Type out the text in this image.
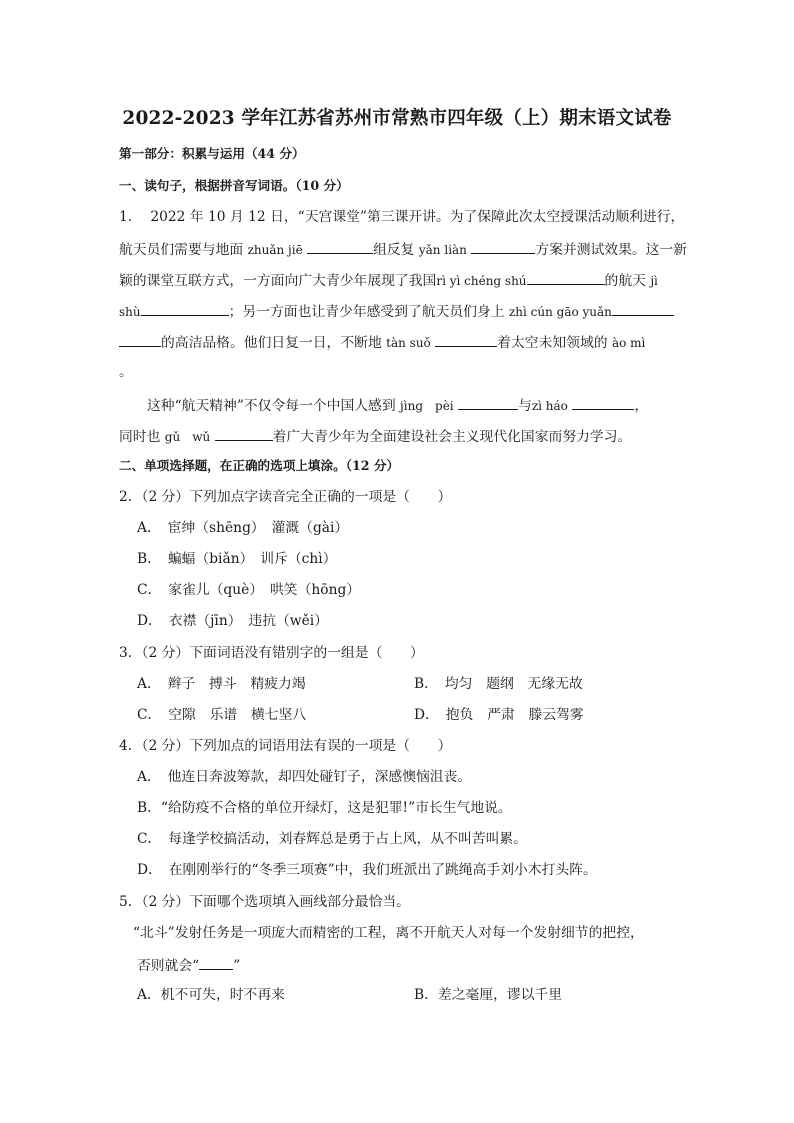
2022-2023 学年江苏省苏州市常熟市四年级（上）期末语文试卷
第一部分：积累与运用（44 分）
一、读句子，根据拼音写词语。（10 分）
1.　 2022 年 10 月 12 日，“天宫课堂”第三课开讲。为了保障此次太空授课活动顺利进行，
航天员们需要与地面 zhuǎn jiē	组反复 yǎn liàn	方案并测试效果。这一新
颖的课堂互联方式，一方面向广大青少年展现了我国rì yì chéng shú	的航天 jì
shù	；另一方面也让青少年感受到了航天员们身上 zhì cún gāo yuǎn
的高洁品格。他们日复一日，不断地 tàn suǒ	着太空未知领域的 ào mì
。
这种“航天精神”不仅令每一个中国人感到 jìng　pèi	与zì háo	，
同时也 gǔ　wǔ	着广大青少年为全面建设社会主义现代化国家而努力学习。
二、单项选择题，在正确的选项上填涂。（12 分）
2．（2 分）下列加点字读音完全正确的一项是（　　）
A．　宦绅（shēng）　灌溉（gài）
B．　蝙蝠（biǎn）　训斥（chì）
C．　家雀儿（què）　哄笑（hōng）
D．　衣襟（jīn）　违抗（wěi）
3．（2 分）下面词语没有错别字的一组是（　　）
A．　辫子　搏斗　精疲力竭	B．　均匀　题纲　无缘无故
C．　空隙　乐谱　横七坚八	D．　抱负　严肃　滕云驾雾
4．（2 分）下列加点的词语用法有误的一项是（　　）
A．　他连日奔波筹款，却四处碰钉子，深感懊恼沮丧。
B．“给防疫不合格的单位开绿灯，这是犯罪!”市长生气地说。
C．　每逢学校搞活动，刘春辉总是勇于占上风，从不叫苦叫累。
D．　在刚刚举行的“冬季三项赛”中，我们班派出了跳绳高手刘小木打头阵。
5．（2 分）下面哪个选项填入画线部分最恰当。
“北斗”发射任务是一项庞大而精密的工程，离不开航天人对每一个发射细节的把控，
否则就会“ ”
A．机不可失，时不再来	B．差之毫厘，谬以千里
